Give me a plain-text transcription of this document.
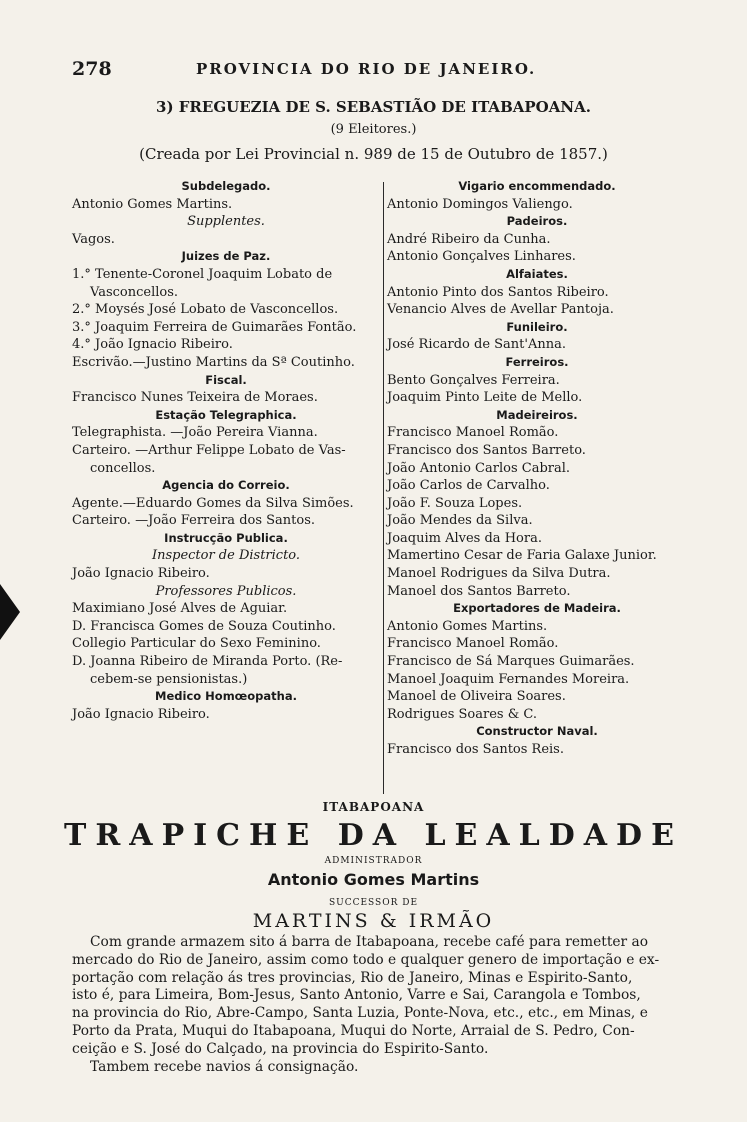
278	PROVINCIA DO RIO DE JANEIRO.
3) FREGUEZIA DE S. SEBASTIÃO DE ITABAPOANA.
(9 Eleitores.)
(Creada por Lei Provincial n. 989 de 15 de Outubro de 1857.)
Subdelegado.
Antonio Gomes Martins.
Supplentes.
Vagos.
Juizes de Paz.
1.° Tenente-Coronel Joaquim Lobato de
Vasconcellos.
2.° Moysés José Lobato de Vasconcellos.
3.° Joaquim Ferreira de Guimarães Fontão.
4.° João Ignacio Ribeiro.
Escrivão.—Justino Martins da Sª Coutinho.
Fiscal.
Francisco Nunes Teixeira de Moraes.
Estação Telegraphica.
Telegraphista. —João Pereira Vianna.
Carteiro. —Arthur Felippe Lobato de Vas-
concellos.
Agencia do Correio.
Agente.—Eduardo Gomes da Silva Simões.
Carteiro. —João Ferreira dos Santos.
Instrucção Publica.
Inspector de Districto.
João Ignacio Ribeiro.
Professores Publicos.
Maximiano José Alves de Aguiar.
D. Francisca Gomes de Souza Coutinho.
Collegio Particular do Sexo Feminino.
D. Joanna Ribeiro de Miranda Porto. (Re-
cebem-se pensionistas.)
Medico Homœopatha.
João Ignacio Ribeiro.
Vigario encommendado.
Antonio Domingos Valiengo.
Padeiros.
André Ribeiro da Cunha.
Antonio Gonçalves Linhares.
Alfaiates.
Antonio Pinto dos Santos Ribeiro.
Venancio Alves de Avellar Pantoja.
Funileiro.
José Ricardo de Sant'Anna.
Ferreiros.
Bento Gonçalves Ferreira.
Joaquim Pinto Leite de Mello.
Madeireiros.
Francisco Manoel Romão.
Francisco dos Santos Barreto.
João Antonio Carlos Cabral.
João Carlos de Carvalho.
João F. Souza Lopes.
João Mendes da Silva.
Joaquim Alves da Hora.
Mamertino Cesar de Faria Galaxe Junior.
Manoel Rodrigues da Silva Dutra.
Manoel dos Santos Barreto.
Exportadores de Madeira.
Antonio Gomes Martins.
Francisco Manoel Romão.
Francisco de Sá Marques Guimarães.
Manoel Joaquim Fernandes Moreira.
Manoel de Oliveira Soares.
Rodrigues Soares & C.
Constructor Naval.
Francisco dos Santos Reis.
ITABAPOANA
TRAPICHE DA LEALDADE
ADMINISTRADOR
Antonio Gomes Martins
SUCCESSOR DE
MARTINS & IRMÃO
Com grande armazem sito á barra de Itabapoana, recebe café para remetter ao
mercado do Rio de Janeiro, assim como todo e qualquer genero de importação e ex-
portação com relação ás tres provincias, Rio de Janeiro, Minas e Espirito-Santo,
isto é, para Limeira, Bom-Jesus, Santo Antonio, Varre e Sai, Carangola e Tombos,
na provincia do Rio, Abre-Campo, Santa Luzia, Ponte-Nova, etc., etc., em Minas, e
Porto da Prata, Muqui do Itabapoana, Muqui do Norte, Arraial de S. Pedro, Con-
ceição e S. José do Calçado, na provincia do Espirito-Santo.
Tambem recebe navios á consignação.
